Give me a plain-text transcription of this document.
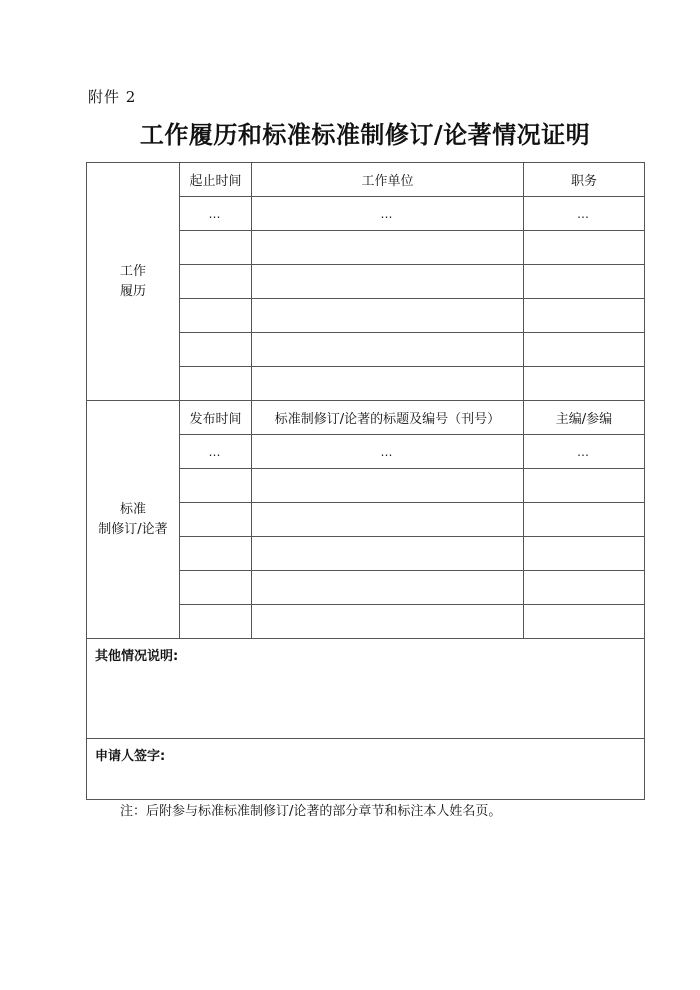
附件 2
工作履历和标准标准制修订/论著情况证明
工作
履历	起止时间	工作单位	职务
	…	…	…

标准
制修订/论著	发布时间	标准制修订/论著的标题及编号（刊号）	主编/参编
	…	…	…

其他情况说明:			
申请人签字:			
注：后附参与标准标准制修订/论著的部分章节和标注本人姓名页。
